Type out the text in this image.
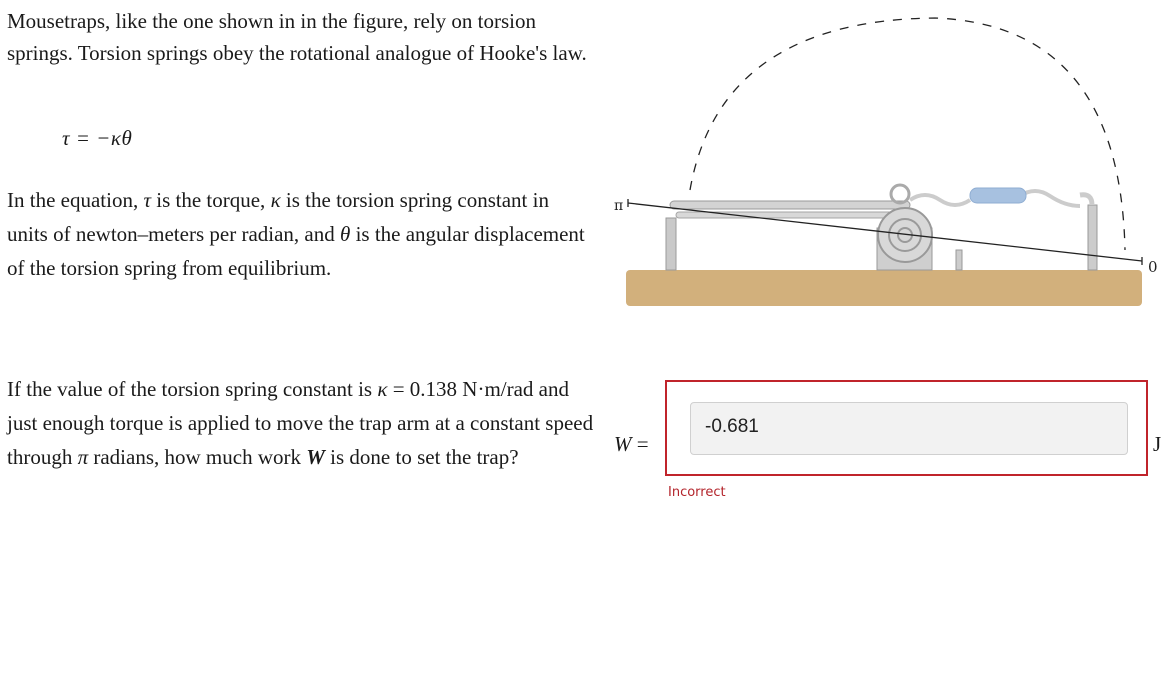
Mousetraps, like the one shown in in the figure, rely on torsion springs. Torsion springs obey the rotational analogue of Hooke's law.

τ = −κθ

In the equation, τ is the torque, κ is the torsion spring constant in units of newton–meters per radian, and θ is the angular displacement of the torsion spring from equilibrium.

If the value of the torsion spring constant is κ = 0.138 N·m/rad and just enough torque is applied to move the trap arm at a constant speed through π radians, how much work W is done to set the trap?

π
0
W =
-0.681
J
Incorrect
